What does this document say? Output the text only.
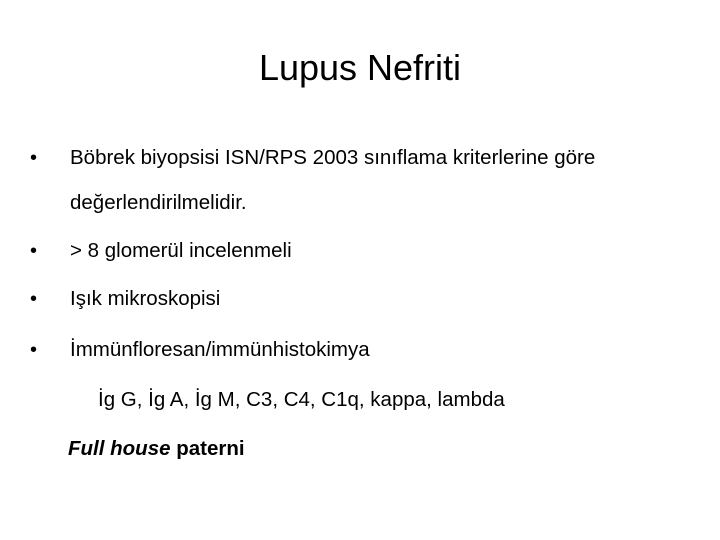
Lupus Nefriti
• Böbrek biyopsisi ISN/RPS 2003 sınıflama kriterlerine göre
değerlendirilmelidir.
• > 8 glomerül incelenmeli
• Işık mikroskopisi
• İmmünfloresan/immünhistokimya
İg G, İg A, İg M, C3, C4, C1q, kappa, lambda
Full house paterni
